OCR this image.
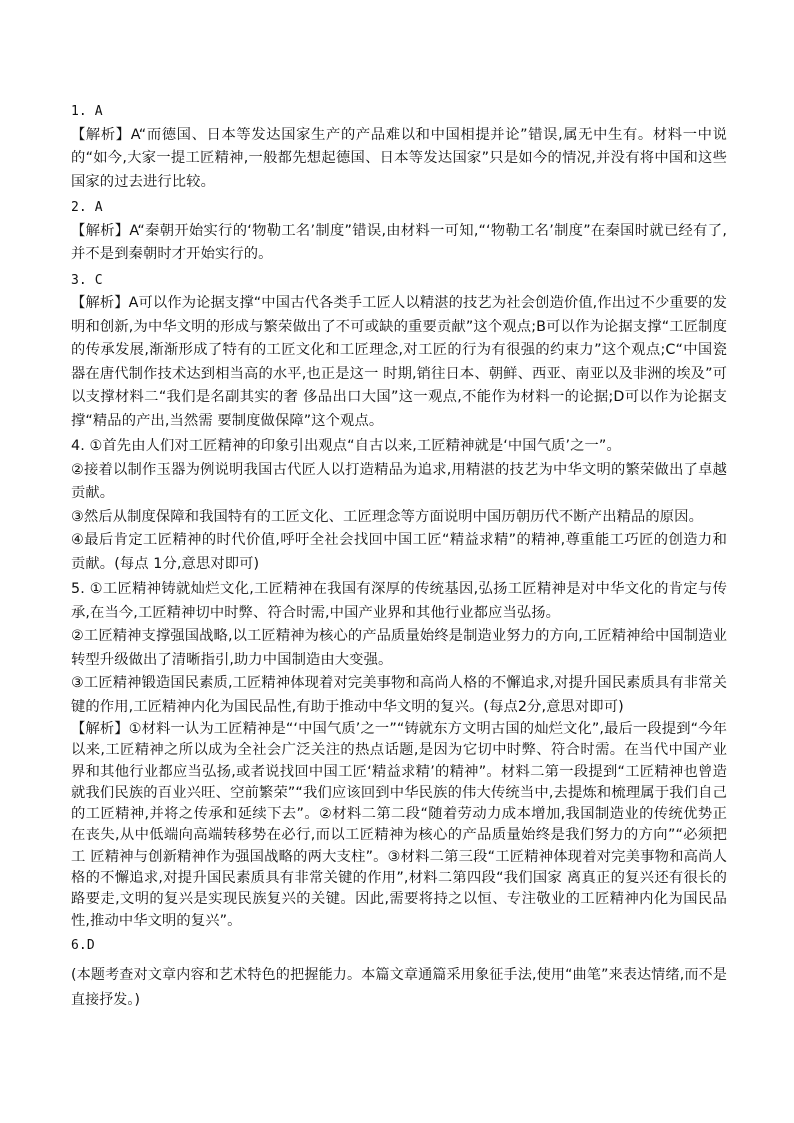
1. A

【解析】A“而德国、日本等发达国家生产的产品难以和中国相提并论”错误,属无中生有。材料一中说的“如今,大家一提工匠精神,一般都先想起德国、日本等发达国家”只是如今的情况,并没有将中国和这些国家的过去进行比较。

2. A

【解析】A“秦朝开始实行的‘物勒工名’制度”错误,由材料一可知,“‘物勒工名’制度”在秦国时就已经有了,并不是到秦朝时才开始实行的。

3. C

【解析】A可以作为论据支撑“中国古代各类手工匠人以精湛的技艺为社会创造价值,作出过不少重要的发明和创新,为中华文明的形成与繁荣做出了不可或缺的重要贡献”这个观点;B可以作为论据支撑“工匠制度的传承发展,渐渐形成了特有的工匠文化和工匠理念,对工匠的行为有很强的约束力”这个观点;C“中国瓷器在唐代制作技术达到相当高的水平,也正是这一 时期,销往日本、朝鲜、西亚、南亚以及非洲的埃及”可以支撑材料二“我们是名副其实的奢 侈品出口大国”这一观点,不能作为材料一的论据;D可以作为论据支撑“精品的产出,当然需 要制度做保障”这个观点。

4. ①首先由人们对工匠精神的印象引出观点“自古以来,工匠精神就是‘中国气质’之一”。

②接着以制作玉器为例说明我国古代匠人以打造精品为追求,用精湛的技艺为中华文明的繁荣做出了卓越贡献。

③然后从制度保障和我国特有的工匠文化、工匠理念等方面说明中国历朝历代不断产出精品的原因。

④最后肯定工匠精神的时代价值,呼吁全社会找回中国工匠“精益求精”的精神,尊重能工巧匠的创造力和贡献。(每点 1分,意思对即可)

5. ①工匠精神铸就灿烂文化,工匠精神在我国有深厚的传统基因,弘扬工匠精神是对中华文化的肯定与传承,在当今,工匠精神切中时弊、符合时需,中国产业界和其他行业都应当弘扬。

②工匠精神支撑强国战略,以工匠精神为核心的产品质量始终是制造业努力的方向,工匠精神给中国制造业转型升级做出了清晰指引,助力中国制造由大变强。

③工匠精神锻造国民素质,工匠精神体现着对完美事物和高尚人格的不懈追求,对提升国民素质具有非常关键的作用,工匠精神内化为国民品性,有助于推动中华文明的复兴。(每点2分,意思对即可)

【解析】①材料一认为工匠精神是“‘中国气质’之一”“铸就东方文明古国的灿烂文化”,最后一段提到“今年以来,工匠精神之所以成为全社会广泛关注的热点话题,是因为它切中时弊、符合时需。在当代中国产业界和其他行业都应当弘扬,或者说找回中国工匠‘精益求精’的精神”。材料二第一段提到“工匠精神也曾造就我们民族的百业兴旺、空前繁荣”“我们应该回到中华民族的伟大传统当中,去提炼和梳理属于我们自己的工匠精神,并将之传承和延续下去”。②材料二第二段“随着劳动力成本增加,我国制造业的传统优势正在丧失,从中低端向高端转移势在必行,而以工匠精神为核心的产品质量始终是我们努力的方向”“必须把工 匠精神与创新精神作为强国战略的两大支柱”。③材料二第三段“工匠精神体现着对完美事物和高尚人格的不懈追求,对提升国民素质具有非常关键的作用”,材料二第四段“我们国家 离真正的复兴还有很长的路要走,文明的复兴是实现民族复兴的关键。因此,需要将持之以恒、专注敬业的工匠精神内化为国民品性,推动中华文明的复兴”。

6.D

(本题考查对文章内容和艺术特色的把握能力。本篇文章通篇采用象征手法,使用“曲笔”来表达情绪,而不是直接抒发。)
